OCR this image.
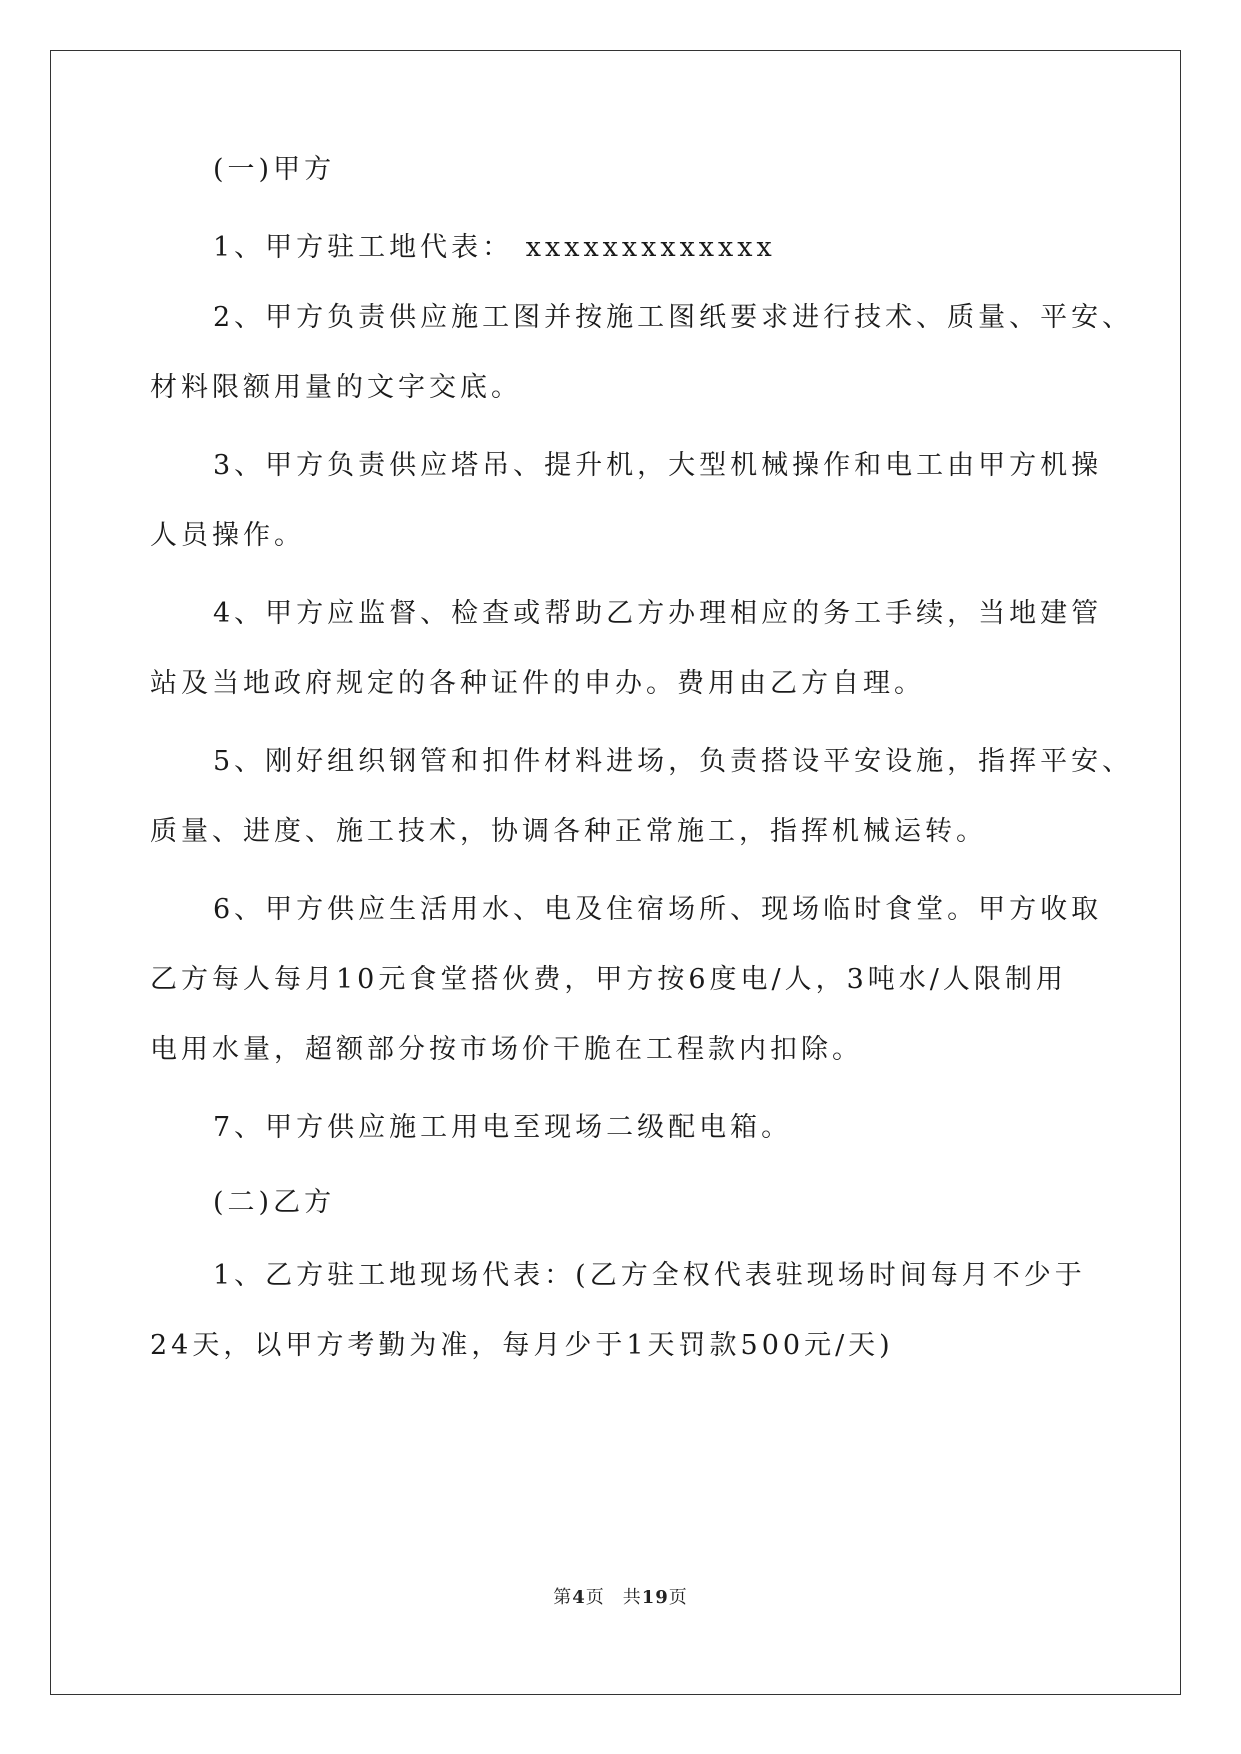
(一)甲方
1、甲方驻工地代表： xxxxxxxxxxxxx
2、甲方负责供应施工图并按施工图纸要求进行技术、质量、平安、
材料限额用量的文字交底。
3、甲方负责供应塔吊、提升机，大型机械操作和电工由甲方机操
人员操作。
4、甲方应监督、检查或帮助乙方办理相应的务工手续，当地建管
站及当地政府规定的各种证件的申办。费用由乙方自理。
5、刚好组织钢管和扣件材料进场，负责搭设平安设施，指挥平安、
质量、进度、施工技术，协调各种正常施工，指挥机械运转。
6、甲方供应生活用水、电及住宿场所、现场临时食堂。甲方收取
乙方每人每月10元食堂搭伙费，甲方按6度电/人，3吨水/人限制用
电用水量，超额部分按市场价干脆在工程款内扣除。
7、甲方供应施工用电至现场二级配电箱。
(二)乙方
1、乙方驻工地现场代表：(乙方全权代表驻现场时间每月不少于
24天，以甲方考勤为准，每月少于1天罚款500元/天)
第4页 共19页
